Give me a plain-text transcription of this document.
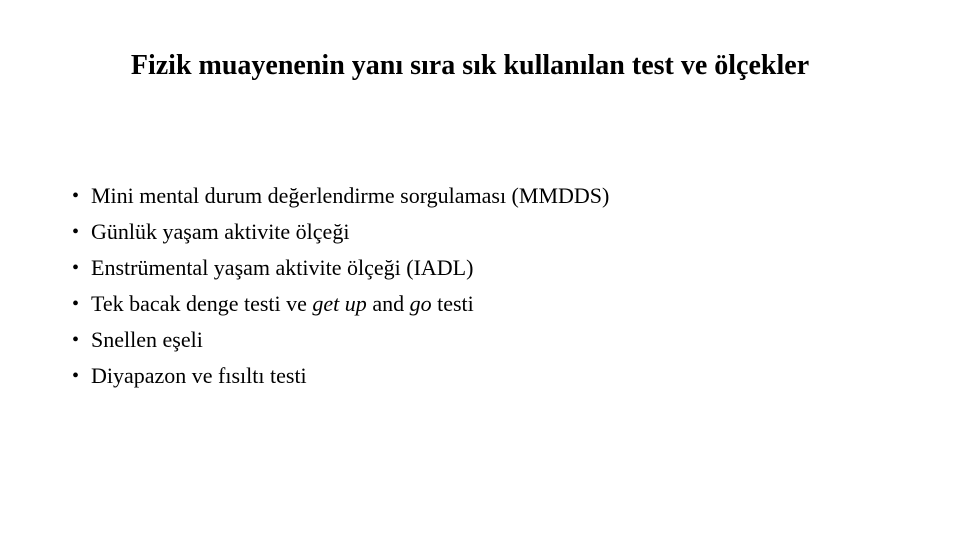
Fizik muayenenin yanı sıra sık kullanılan test ve ölçekler
• Mini mental durum değerlendirme sorgulaması (MMDDS)
• Günlük yaşam aktivite ölçeği
• Enstrümental yaşam aktivite ölçeği (IADL)
• Tek bacak denge testi ve get up and go testi
• Snellen eşeli
• Diyapazon ve fısıltı testi
